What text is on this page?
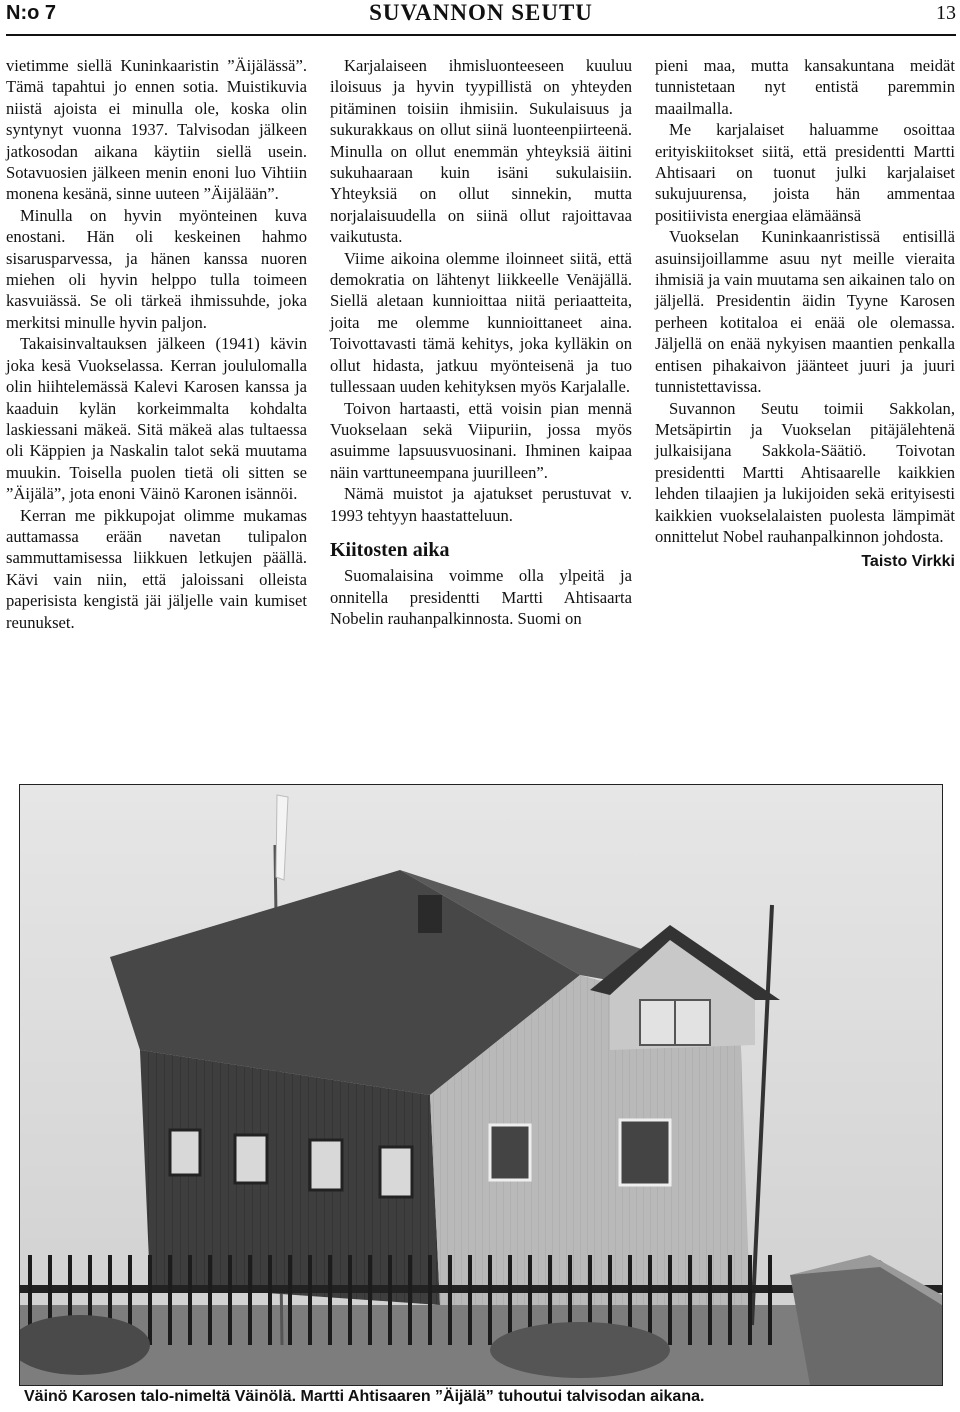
N:o 7	SUVANNON SEUTU	13

vietimme siellä Kuninkaaristin ”Äijälässä”. Tämä tapahtui jo ennen sotia. Muistikuvia niistä ajoista ei minulla ole, koska olin syntynyt vuonna 1937. Talvisodan jälkeen jatkosodan aikana käytiin siellä usein. Sotavuosien jälkeen menin enoni luo Vihtiin monena kesänä, sinne uuteen ”Äijälään”.

Minulla on hyvin myönteinen kuva enostani. Hän oli keskeinen hahmo sisarusparvessa, ja hänen kanssa nuoren miehen oli hyvin helppo tulla toimeen kasvuiässä. Se oli tärkeä ihmissuhde, joka merkitsi minulle hyvin paljon.

Takaisinvaltauksen jälkeen (1941) kävin joka kesä Vuokselassa. Kerran joululomalla olin hiihtelemässä Kalevi Karosen kanssa ja kaaduin kylän korkeimmalta kohdalta laskiessani mäkeä. Sitä mäkeä alas tultaessa oli Käppien ja Naskalin talot sekä muutama muukin. Toisella puolen tietä oli sitten se ”Äijälä”, jota enoni Väinö Karonen isännöi.

Kerran me pikkupojat olimme mukamas auttamassa erään navetan tulipalon sammuttamisessa liikkuen letkujen päällä. Kävi vain niin, että jaloissani olleista paperisista kengistä jäi jäljelle vain kumiset reunukset.

Karjalaiseen ihmisluonteeseen kuuluu iloisuus ja hyvin tyypillistä on yhteyden pitäminen toisiin ihmisiin. Sukulaisuus ja sukurakkaus on ollut siinä luonteenpiirteenä. Minulla on ollut enemmän yhteyksiä äitini sukuhaaraan kuin isäni sukulaisiin. Yhteyksiä on ollut sinnekin, mutta norjalaisuudella on siinä ollut rajoittavaa vaikutusta.

Viime aikoina olemme iloinneet siitä, että demokratia on lähtenyt liikkeelle Venäjällä. Siellä aletaan kunnioittaa niitä periaatteita, joita me olemme kunnioittaneet aina. Toivottavasti tämä kehitys, joka kylläkin on ollut hidasta, jatkuu myönteisenä ja tuo tullessaan uuden kehityksen myös Karjalalle.

Toivon hartaasti, että voisin pian mennä Vuokselaan sekä Viipuriin, jossa myös asuimme lapsuusvuosinani. Ihminen kaipaa näin varttuneempana juurilleen”.

Nämä muistot ja ajatukset perustuvat v. 1993 tehtyyn haastatteluun.

Kiitosten aika

Suomalaisina voimme olla ylpeitä ja onnitella presidentti Martti Ahtisaarta Nobelin rauhanpalkinnosta. Suomi on

pieni maa, mutta kansakuntana meidät tunnistetaan nyt entistä paremmin maailmalla.

Me karjalaiset haluamme osoittaa erityiskiitokset siitä, että presidentti Martti Ahtisaari on tuonut julki karjalaiset sukujuurensa, joista hän ammentaa positiivista energiaa elämäänsä

Vuokselan Kuninkaanristissä entisillä asuinsijoillamme asuu nyt meille vieraita ihmisiä ja vain muutama sen aikainen talo on jäljellä. Presidentin äidin Tyyne Karosen perheen kotitaloa ei enää ole olemassa. Jäljellä on enää nykyisen maantien penkalla entisen pihakaivon jäänteet juuri ja juuri tunnistettavissa.

Suvannon Seutu toimii Sakkolan, Metsäpirtin ja Vuokselan pitäjälehtenä julkaisijana Sakkola-Säätiö. Toivotan presidentti Martti Ahtisaarelle kaikkien lehden tilaajien ja lukijoiden sekä erityisesti kaikkien vuokselalaisten puolesta lämpimät onnittelut Nobel rauhanpalkinnon johdosta.

Taisto Virkki

Väinö Karosen talo-nimeltä Väinölä. Martti Ahtisaaren ”Äijälä” tuhoutui talvisodan aikana.
